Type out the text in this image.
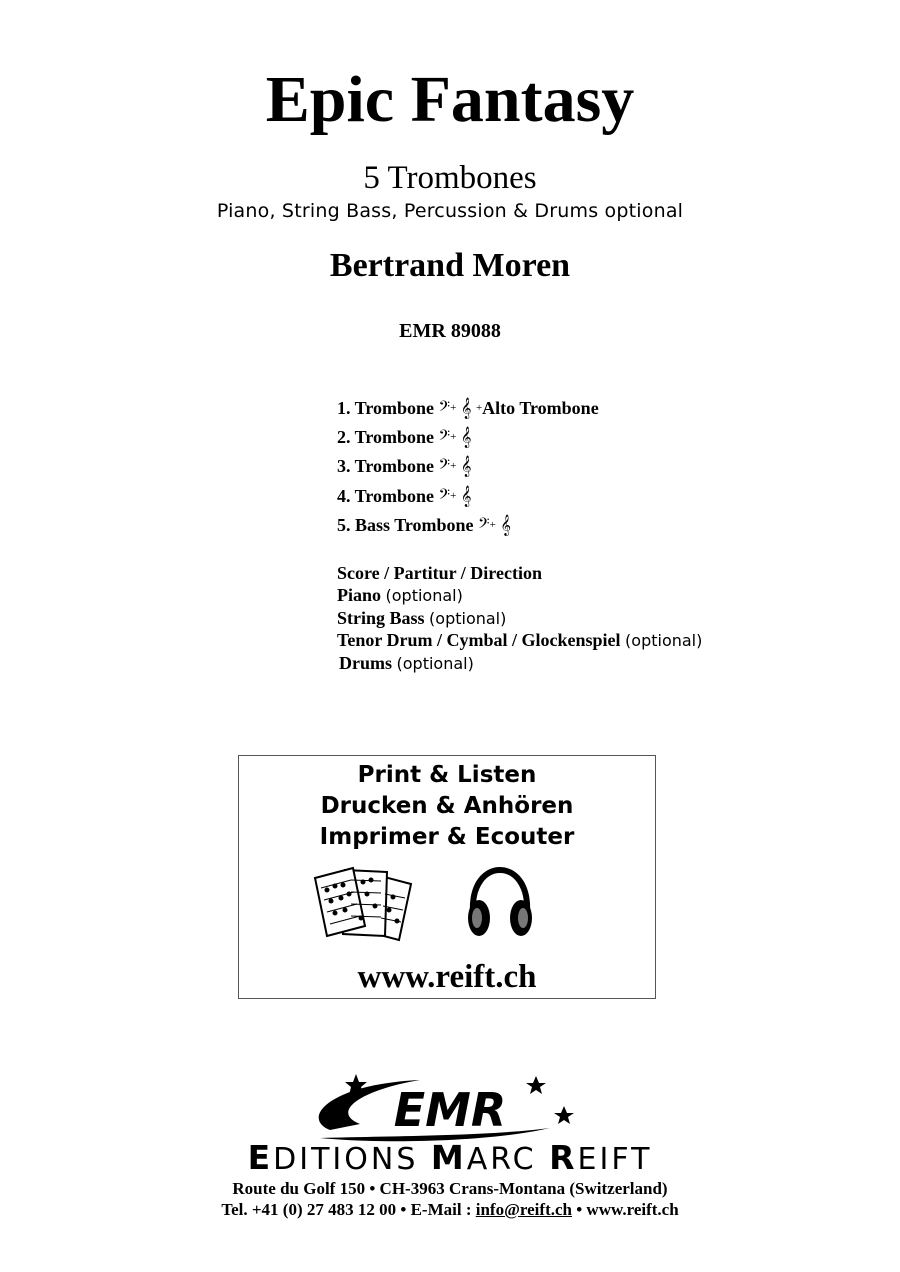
Epic Fantasy
5 Trombones
Piano, String Bass, Percussion & Drums optional
Bertrand Moren
EMR 89088
1. Trombone 𝄢+ 𝄞 +Alto Trombone
2. Trombone 𝄢+ 𝄞
3. Trombone 𝄢+ 𝄞
4. Trombone 𝄢+ 𝄞
5. Bass Trombone 𝄢+ 𝄞
Score / Partitur / Direction
Piano (optional)
String Bass (optional)
Tenor Drum / Cymbal / Glockenspiel (optional)
Drums (optional)
Print & Listen
Drucken & Anhören
Imprimer & Ecouter
www.reift.ch
EMR
EDITIONS MARC REIFT
Route du Golf 150 • CH-3963 Crans-Montana (Switzerland)
Tel. +41 (0) 27 483 12 00 • E-Mail : info@reift.ch • www.reift.ch
